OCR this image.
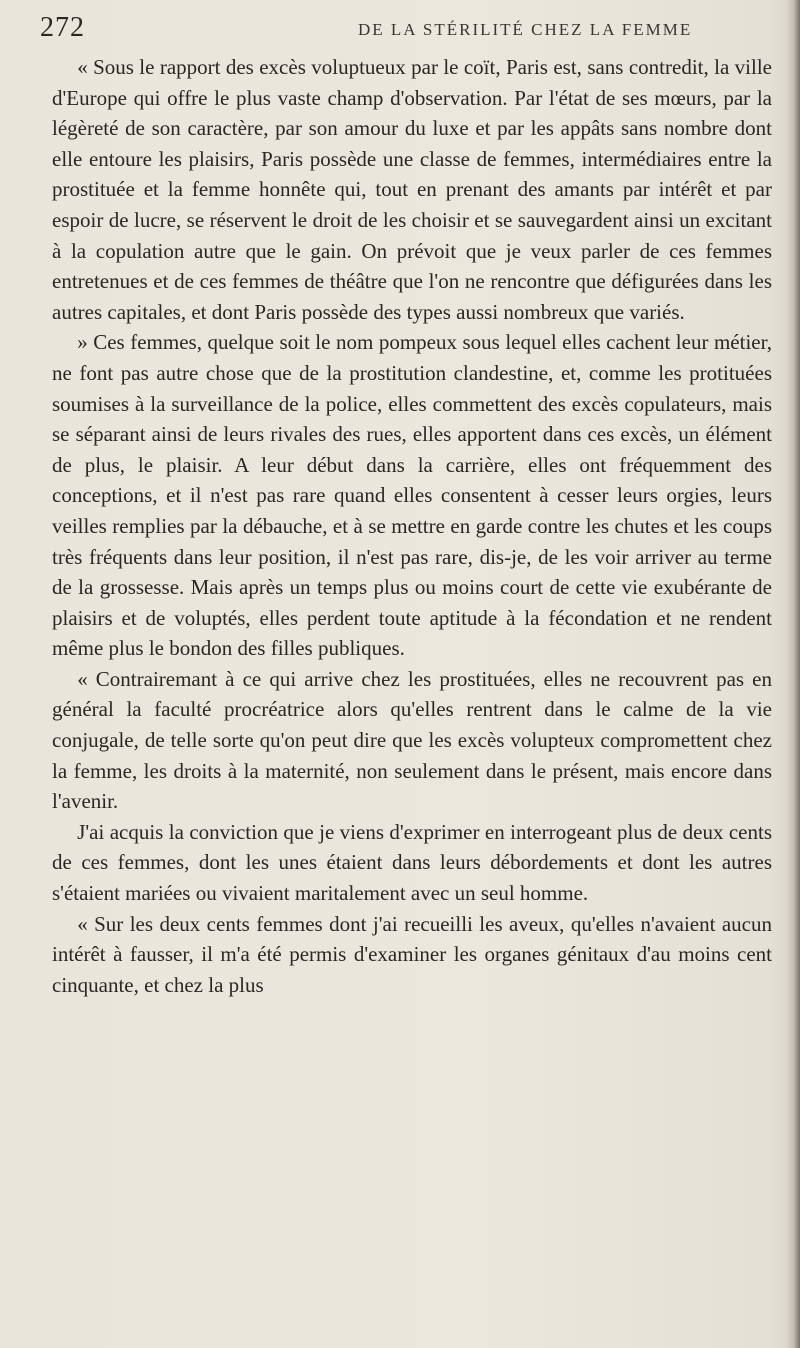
272	DE LA STÉRILITÉ CHEZ LA FEMME

« Sous le rapport des excès voluptueux par le coït, Paris est, sans contredit, la ville d'Europe qui offre le plus vaste champ d'observation. Par l'état de ses mœurs, par la légèreté de son caractère, par son amour du luxe et par les appâts sans nombre dont elle entoure les plaisirs, Paris possède une classe de femmes, intermédiaires entre la prostituée et la femme honnête qui, tout en prenant des amants par intérêt et par espoir de lucre, se réservent le droit de les choisir et se sauvegardent ainsi un excitant à la copulation autre que le gain. On prévoit que je veux parler de ces femmes entretenues et de ces femmes de théâtre que l'on ne rencontre que défigurées dans les autres capitales, et dont Paris possède des types aussi nombreux que variés.

» Ces femmes, quelque soit le nom pompeux sous lequel elles cachent leur métier, ne font pas autre chose que de la prostitution clandestine, et, comme les protituées soumises à la surveillance de la police, elles commettent des excès copulateurs, mais se séparant ainsi de leurs rivales des rues, elles apportent dans ces excès, un élément de plus, le plaisir. A leur début dans la carrière, elles ont fréquemment des conceptions, et il n'est pas rare quand elles consentent à cesser leurs orgies, leurs veilles remplies par la débauche, et à se mettre en garde contre les chutes et les coups très fréquents dans leur position, il n'est pas rare, dis-je, de les voir arriver au terme de la grossesse. Mais après un temps plus ou moins court de cette vie exubérante de plaisirs et de voluptés, elles perdent toute aptitude à la fécondation et ne rendent même plus le bondon des filles publiques.

« Contrairemant à ce qui arrive chez les prostituées, elles ne recouvrent pas en général la faculté procréatrice alors qu'elles rentrent dans le calme de la vie conjugale, de telle sorte qu'on peut dire que les excès volupteux compromettent chez la femme, les droits à la maternité, non seulement dans le présent, mais encore dans l'avenir.

J'ai acquis la conviction que je viens d'exprimer en interrogeant plus de deux cents de ces femmes, dont les unes étaient dans leurs débordements et dont les autres s'étaient mariées ou vivaient maritalement avec un seul homme.

« Sur les deux cents femmes dont j'ai recueilli les aveux, qu'elles n'avaient aucun intérêt à fausser, il m'a été permis d'examiner les organes génitaux d'au moins cent cinquante, et chez la plus
